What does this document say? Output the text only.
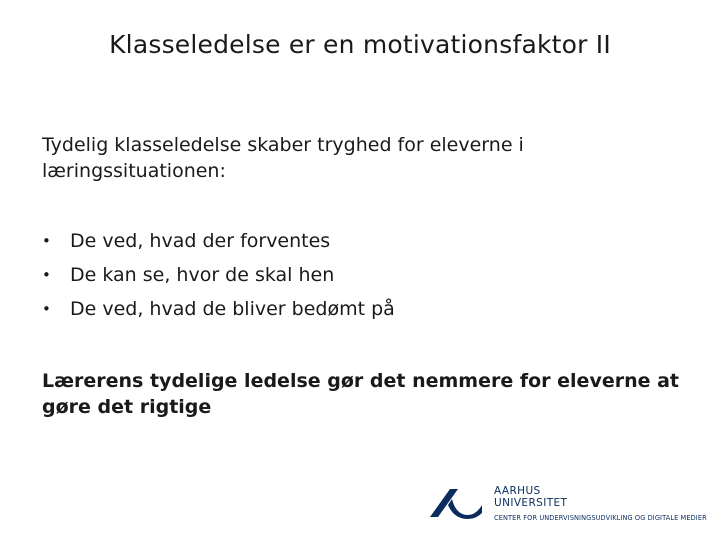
Klasseledelse er en motivationsfaktor II

Tydelig klasseledelse skaber tryghed for eleverne i læringssituationen:

• De ved, hvad der forventes
• De kan se, hvor de skal hen
• De ved, hvad de bliver bedømt på

Lærerens tydelige ledelse gør det nemmere for eleverne at gøre det rigtige

AARHUS
UNIVERSITET
CENTER FOR UNDERVISNINGSUDVIKLING OG DIGITALE MEDIER
